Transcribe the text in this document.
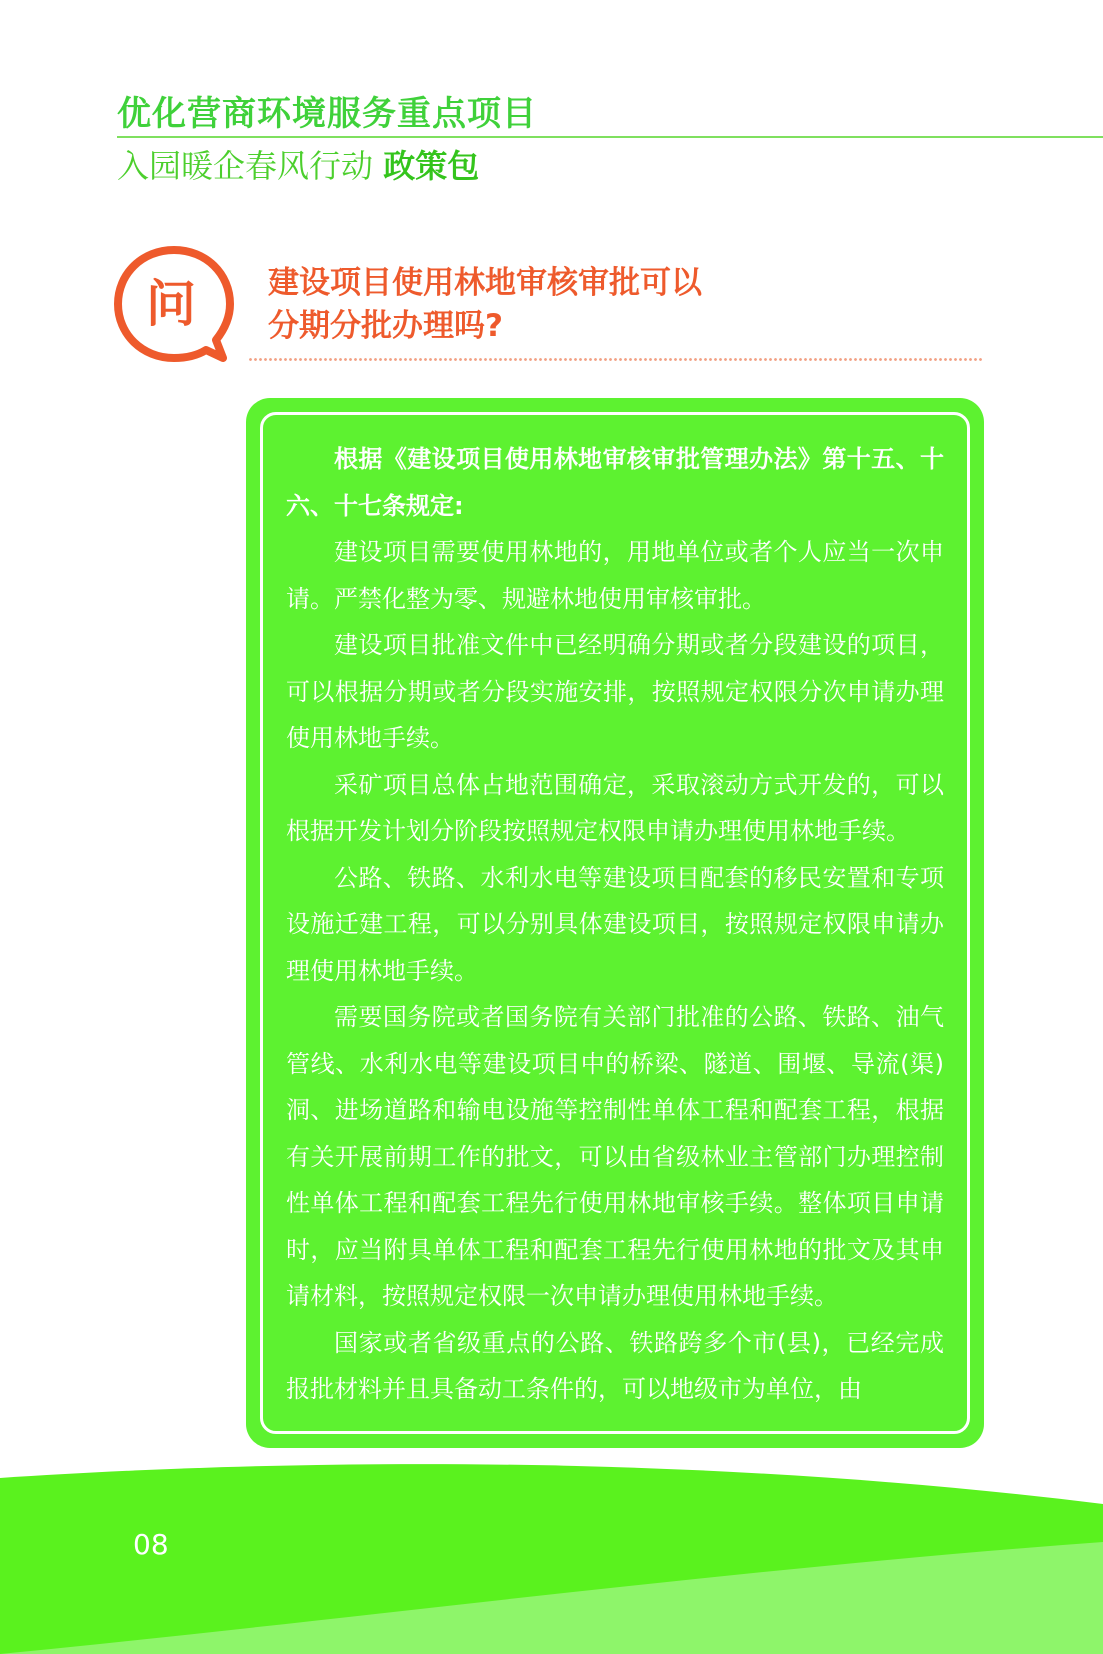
优化营商环境服务重点项目
入园暖企春风行动 政策包
问 建设项目使用林地审核审批可以
分期分批办理吗?

根据《建设项目使用林地审核审批管理办法》第十五、十六、十七条规定:

建设项目需要使用林地的，用地单位或者个人应当一次申请。严禁化整为零、规避林地使用审核审批。

建设项目批准文件中已经明确分期或者分段建设的项目，可以根据分期或者分段实施安排，按照规定权限分次申请办理使用林地手续。

采矿项目总体占地范围确定，采取滚动方式开发的，可以根据开发计划分阶段按照规定权限申请办理使用林地手续。

公路、铁路、水利水电等建设项目配套的移民安置和专项设施迁建工程，可以分别具体建设项目，按照规定权限申请办理使用林地手续。

需要国务院或者国务院有关部门批准的公路、铁路、油气管线、水利水电等建设项目中的桥梁、隧道、围堰、导流(渠)洞、进场道路和输电设施等控制性单体工程和配套工程，根据有关开展前期工作的批文，可以由省级林业主管部门办理控制性单体工程和配套工程先行使用林地审核手续。整体项目申请时，应当附具单体工程和配套工程先行使用林地的批文及其申请材料，按照规定权限一次申请办理使用林地手续。

国家或者省级重点的公路、铁路跨多个市(县)，已经完成报批材料并且具备动工条件的，可以地级市为单位，由

08
